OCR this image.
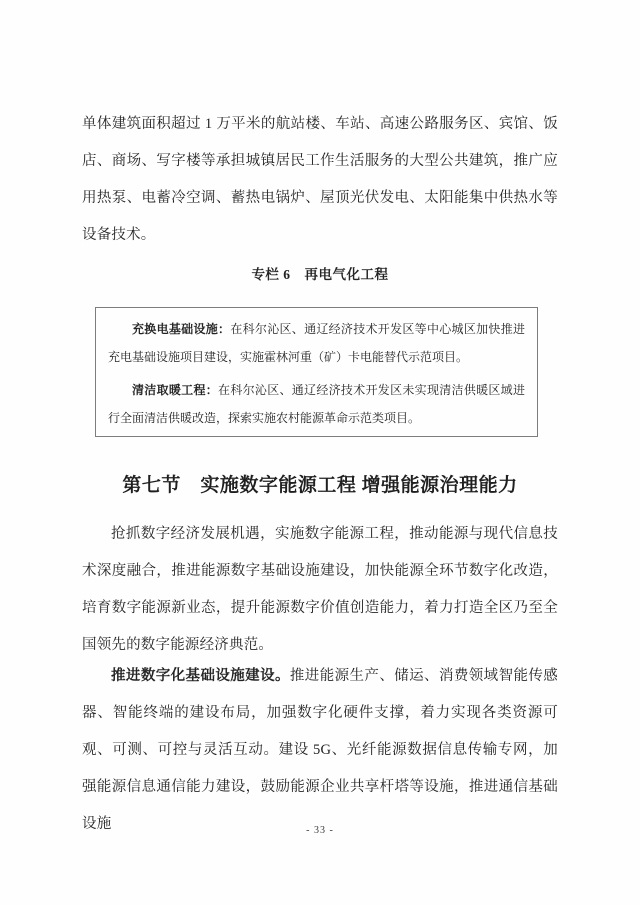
单体建筑面积超过 1 万平米的航站楼、车站、高速公路服务区、宾馆、饭店、商场、写字楼等承担城镇居民工作生活服务的大型公共建筑，推广应用热泵、电蓄冷空调、蓄热电锅炉、屋顶光伏发电、太阳能集中供热水等设备技术。

专栏 6　再电气化工程

充换电基础设施：在科尔沁区、通辽经济技术开发区等中心城区加快推进充电基础设施项目建设，实施霍林河重（矿）卡电能替代示范项目。

清洁取暖工程：在科尔沁区、通辽经济技术开发区未实现清洁供暖区域进行全面清洁供暖改造，探索实施农村能源革命示范类项目。

第七节　实施数字能源工程 增强能源治理能力

抢抓数字经济发展机遇，实施数字能源工程，推动能源与现代信息技术深度融合，推进能源数字基础设施建设，加快能源全环节数字化改造，培育数字能源新业态，提升能源数字价值创造能力，着力打造全区乃至全国领先的数字能源经济典范。

推进数字化基础设施建设。推进能源生产、储运、消费领域智能传感器、智能终端的建设布局，加强数字化硬件支撑，着力实现各类资源可观、可测、可控与灵活互动。建设 5G、光纤能源数据信息传输专网，加强能源信息通信能力建设，鼓励能源企业共享杆塔等设施，推进通信基础设施	- 33 -
